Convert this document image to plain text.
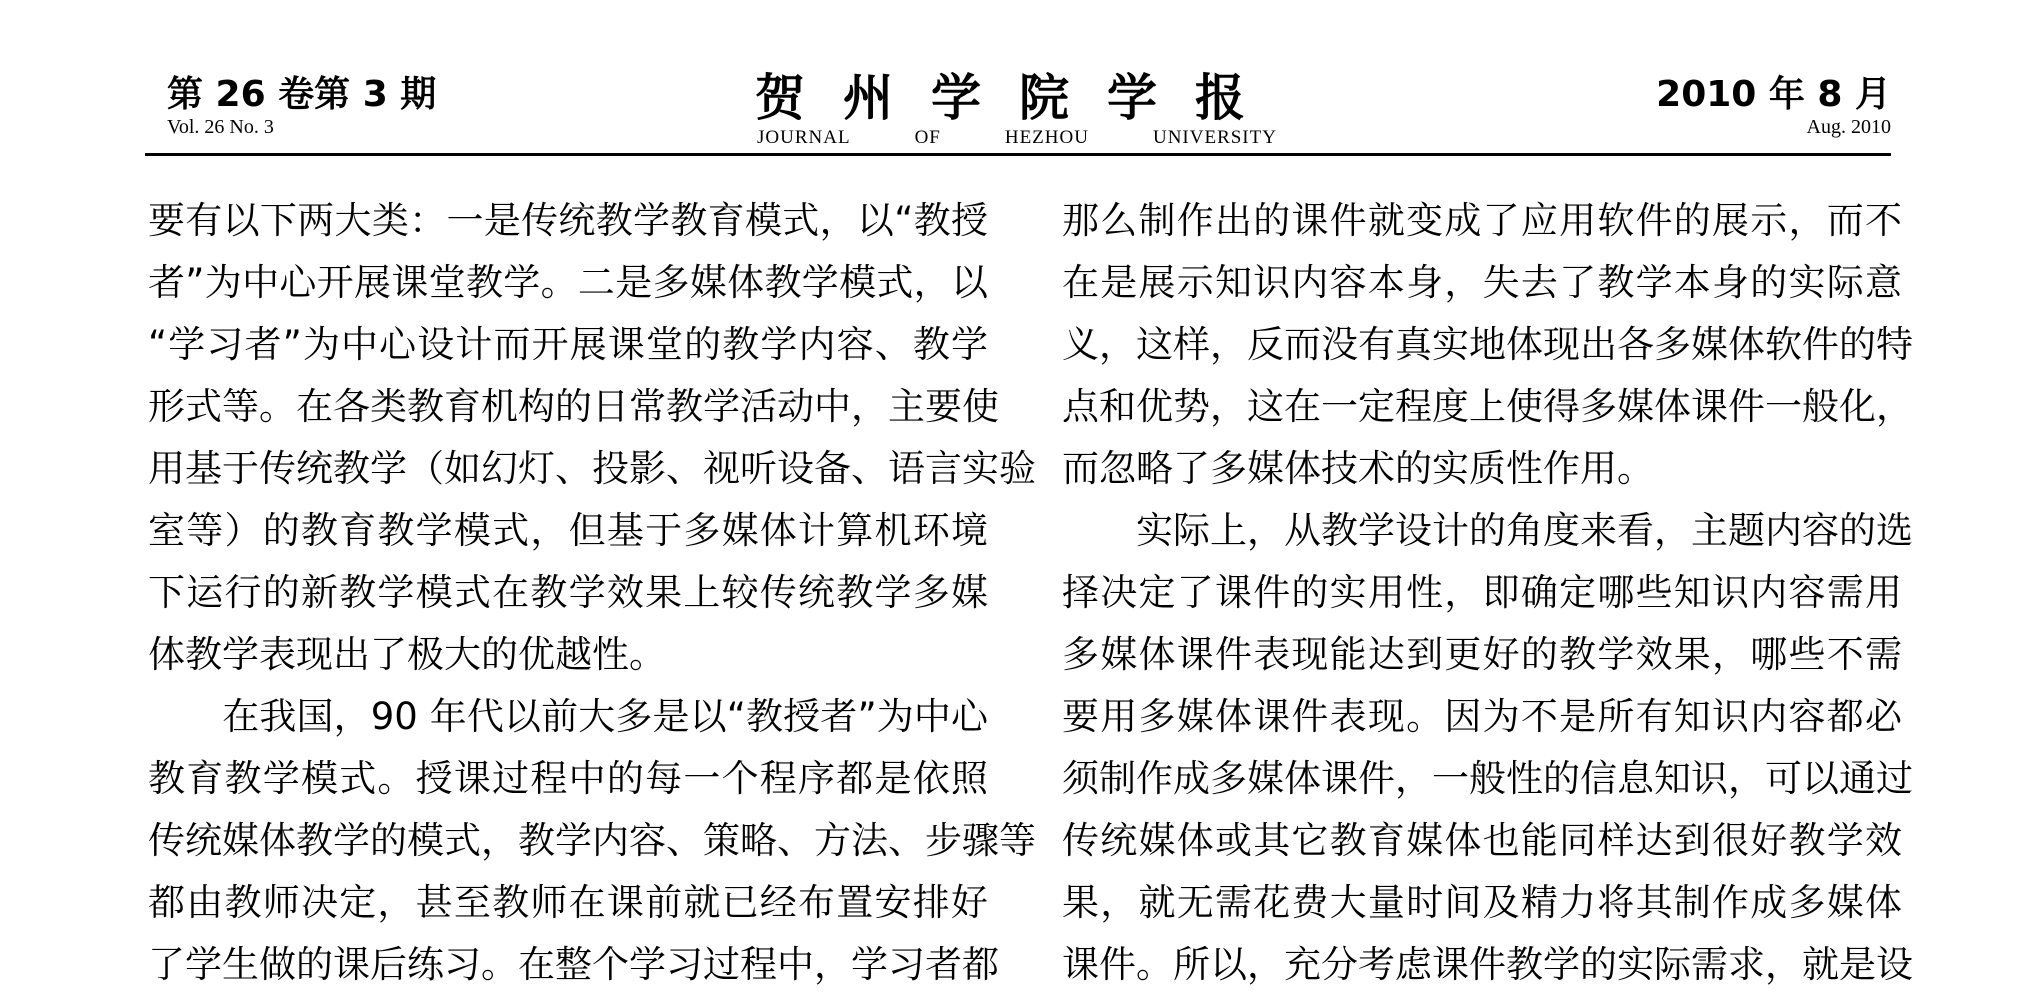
第 26 卷第 3 期
Vol. 26 No. 3	贺州学院学报
JOURNAL	OF	HEZHOU	UNIVERSITY
2010 年 8 月
Aug. 2010
要有以下两大类：一是传统教学教育模式，以“教授
者”为中心开展课堂教学。二是多媒体教学模式，以
“学习者”为中心设计而开展课堂的教学内容、教学
形式等。在各类教育机构的日常教学活动中，主要使
用基于传统教学（如幻灯、投影、视听设备、语言实验
室等）的教育教学模式，但基于多媒体计算机环境
下运行的新教学模式在教学效果上较传统教学多媒
体教学表现出了极大的优越性。
　　在我国，90 年代以前大多是以“教授者”为中心
教育教学模式。授课过程中的每一个程序都是依照
传统媒体教学的模式，教学内容、策略、方法、步骤等
都由教师决定，甚至教师在课前就已经布置安排好
了学生做的课后练习。在整个学习过程中，学习者都
那么制作出的课件就变成了应用软件的展示，而不
在是展示知识内容本身，失去了教学本身的实际意
义，这样，反而没有真实地体现出各多媒体软件的特
点和优势，这在一定程度上使得多媒体课件一般化，
而忽略了多媒体技术的实质性作用。
　　实际上，从教学设计的角度来看，主题内容的选
择决定了课件的实用性，即确定哪些知识内容需用
多媒体课件表现能达到更好的教学效果，哪些不需
要用多媒体课件表现。因为不是所有知识内容都必
须制作成多媒体课件，一般性的信息知识，可以通过
传统媒体或其它教育媒体也能同样达到很好教学效
果，就无需花费大量时间及精力将其制作成多媒体
课件。所以，充分考虑课件教学的实际需求，就是设
